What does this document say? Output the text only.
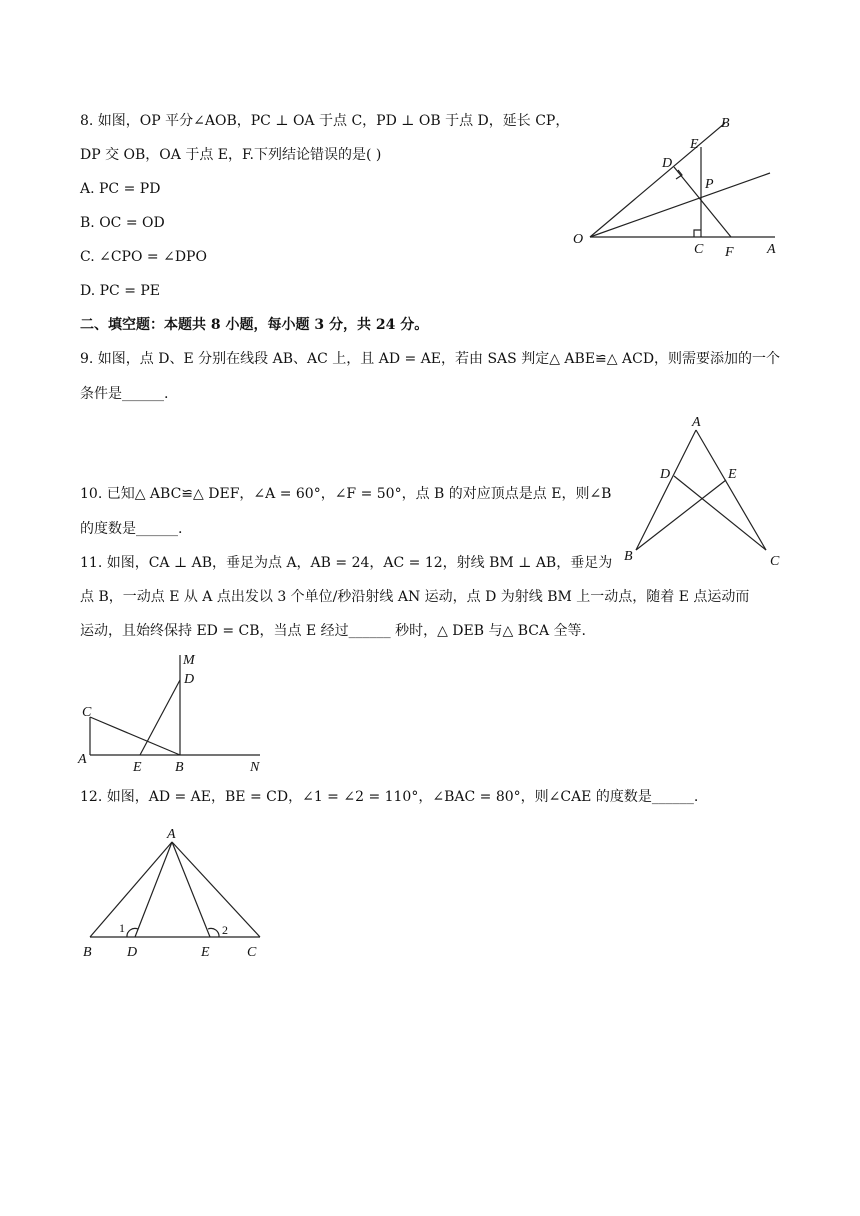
8. 如图，OP 平分∠AOB，PC ⊥ OA 于点 C，PD ⊥ OB 于点 D，延长 CP，
DP 交 OB，OA 于点 E，F.下列结论错误的是( )
A. PC = PD
B. OC = OD
C. ∠CPO = ∠DPO
D. PC = PE
B
E
D
P
O
C F A
二、填空题：本题共 8 小题，每小题 3 分，共 24 分。
9. 如图，点 D、E 分别在线段 AB、AC 上，且 AD = AE，若由 SAS 判定△ ABE≌△ ACD，则需要添加的一个
条件是______.
A
D	E
B	C
10. 已知△ ABC≌△ DEF，∠A = 60°，∠F = 50°，点 B 的对应顶点是点 E，则∠B
的度数是______.
11. 如图，CA ⊥ AB，垂足为点 A，AB = 24，AC = 12，射线 BM ⊥ AB，垂足为
点 B，一动点 E 从 A 点出发以 3 个单位/秒沿射线 AN 运动，点 D 为射线 BM 上一动点，随着 E 点运动而
运动，且始终保持 ED = CB，当点 E 经过______ 秒时，△ DEB 与△ BCA 全等.
M
D
C
A
E B	N
12. 如图，AD = AE，BE = CD，∠1 = ∠2 = 110°，∠BAC = 80°，则∠CAE 的度数是______.
A
B	D	E	C
1	2
